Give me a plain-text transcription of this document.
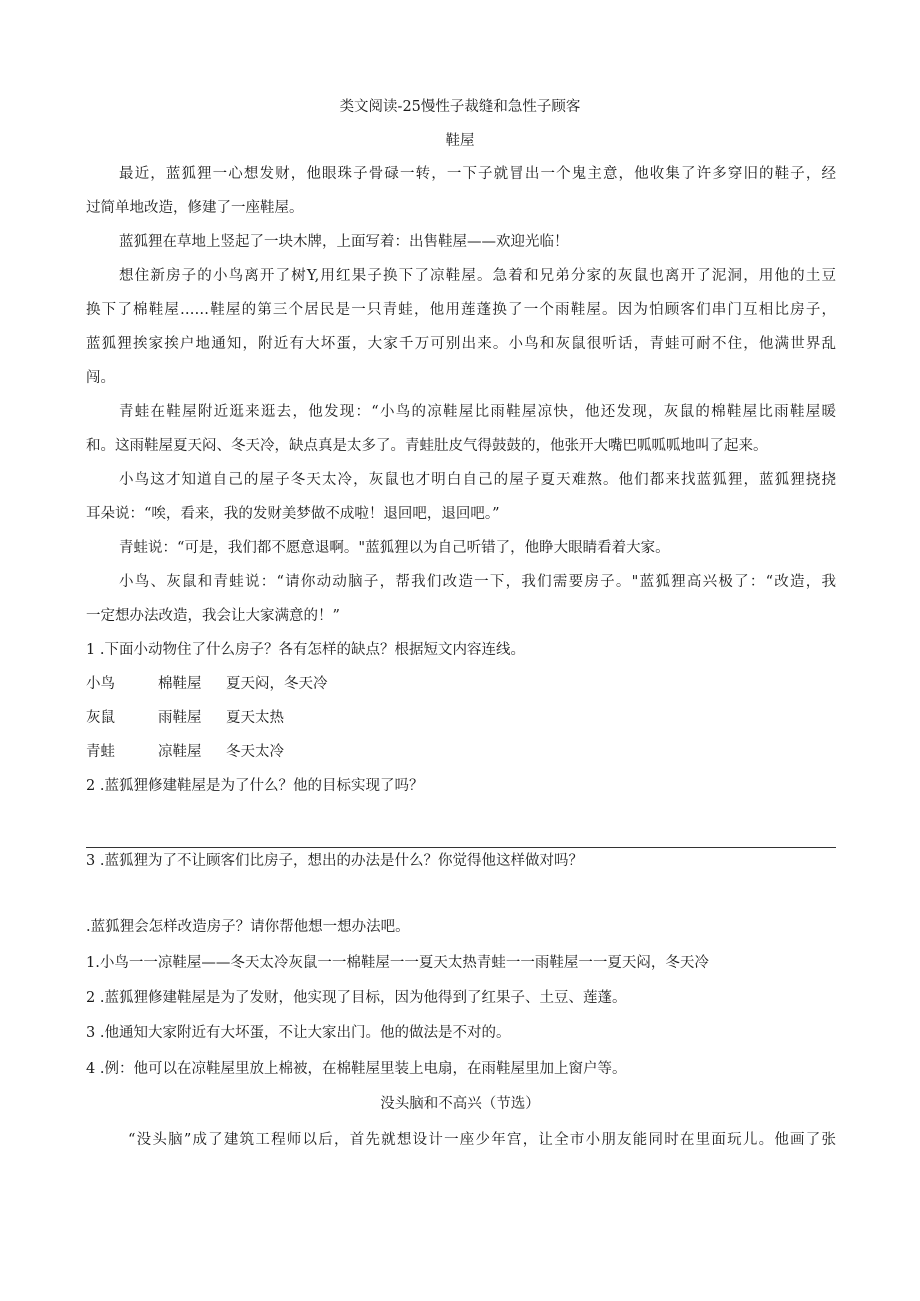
类文阅读-25慢性子裁缝和急性子顾客

鞋屋

最近，蓝狐狸一心想发财，他眼珠子骨碌一转，一下子就冒出一个鬼主意，他收集了许多穿旧的鞋子，经

过简单地改造，修建了一座鞋屋。

蓝狐狸在草地上竖起了一块木牌，上面写着：出售鞋屋——欢迎光临！

想住新房子的小鸟离开了树Y,用红果子换下了凉鞋屋。急着和兄弟分家的灰鼠也离开了泥洞，用他的土豆

换下了棉鞋屋……鞋屋的第三个居民是一只青蛙，他用莲蓬换了一个雨鞋屋。因为怕顾客们串门互相比房子，

蓝狐狸挨家挨户地通知，附近有大坏蛋，大家千万可别出来。小鸟和灰鼠很听话，青蛙可耐不住，他满世界乱

闯。

青蛙在鞋屋附近逛来逛去，他发现：“小鸟的凉鞋屋比雨鞋屋凉快，他还发现，灰鼠的棉鞋屋比雨鞋屋暖

和。这雨鞋屋夏天闷、冬天冷，缺点真是太多了。青蛙肚皮气得鼓鼓的，他张开大嘴巴呱呱呱地叫了起来。

小鸟这才知道自己的屋子冬天太冷，灰鼠也才明白自己的屋子夏天难熬。他们都来找蓝狐狸，蓝狐狸挠挠

耳朵说：“唉，看来，我的发财美梦做不成啦！退回吧，退回吧。”

青蛙说：“可是，我们都不愿意退啊。"蓝狐狸以为自己听错了，他睁大眼睛看着大家。

小鸟、灰鼠和青蛙说：“请你动动脑子，帮我们改造一下，我们需要房子。"蓝狐狸高兴极了：“改造，我

一定想办法改造，我会让大家满意的！”

1 .下面小动物住了什么房子？各有怎样的缺点？根据短文内容连线。

小鸟	棉鞋屋 夏天闷，冬天冷

灰鼠	雨鞋屋 夏天太热

青蛙	凉鞋屋 冬天太冷

2 .蓝狐狸修建鞋屋是为了什么？他的目标实现了吗？

3 .蓝狐狸为了不让顾客们比房子，想出的办法是什么？你觉得他这样做对吗？

.蓝狐狸会怎样改造房子？请你帮他想一想办法吧。

1.小鸟一一凉鞋屋——冬天太冷灰鼠一一棉鞋屋一一夏天太热青蛙一一雨鞋屋一一夏天闷，冬天冷

2 .蓝狐狸修建鞋屋是为了发财，他实现了目标，因为他得到了红果子、土豆、莲蓬。

3 .他通知大家附近有大坏蛋，不让大家出门。他的做法是不对的。

4 .例：他可以在凉鞋屋里放上棉被，在棉鞋屋里装上电扇，在雨鞋屋里加上窗户等。

没头脑和不高兴（节选）

“没头脑”成了建筑工程师以后，首先就想设计一座少年宫，让全市小朋友能同时在里面玩儿。他画了张
